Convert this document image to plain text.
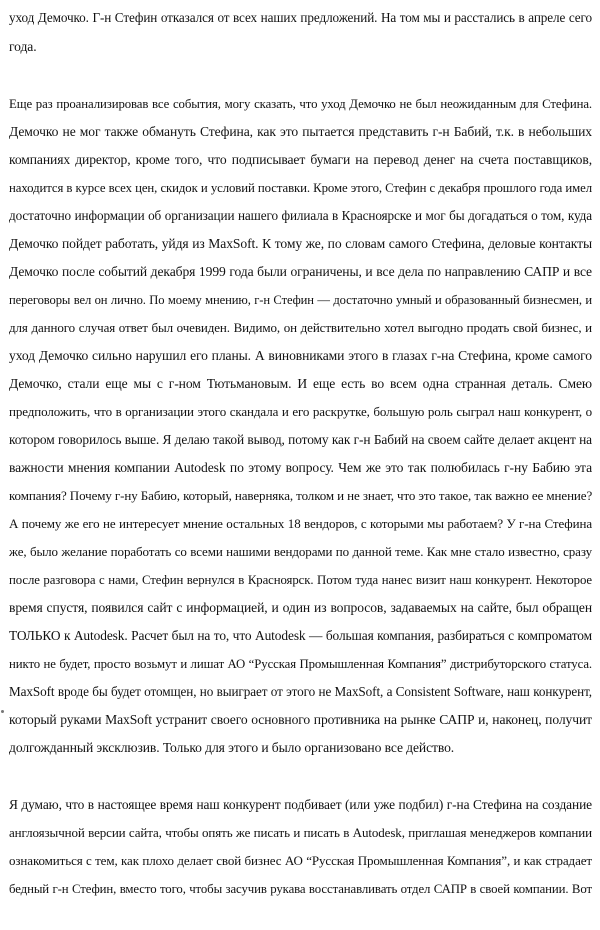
уход Демочко. Г-н Стефин отказался от всех наших предложений. На том мы и расстались в апреле сего
года.
Еще раз проанализировав все события, могу сказать, что уход Демочко не был неожиданным для Стефина.
Демочко не мог также обмануть Стефина, как это пытается представить г-н Бабий, т.к. в небольших
компаниях директор, кроме того, что подписывает бумаги на перевод денег на счета поставщиков,
находится в курсе всех цен, скидок и условий поставки. Кроме этого, Стефин с декабря прошлого года имел
достаточно информации об организации нашего филиала в Красноярске и мог бы догадаться о том, куда
Демочко пойдет работать, уйдя из MaxSoft. К тому же, по словам самого Стефина, деловые контакты
Демочко после событий декабря 1999 года были ограничены, и все дела по направлению САПР и все
переговоры вел он лично. По моему мнению, г-н Стефин — достаточно умный и образованный бизнесмен, и
для данного случая ответ был очевиден. Видимо, он действительно хотел выгодно продать свой бизнес, и
уход Демочко сильно нарушил его планы. А виновниками этого в глазах г-на Стефина, кроме самого
Демочко, стали еще мы с г-ном Тютьмановым. И еще есть во всем одна странная деталь. Смею
предположить, что в организации этого скандала и его раскрутке, большую роль сыграл наш конкурент, о
котором говорилось выше. Я делаю такой вывод, потому как г-н Бабий на своем сайте делает акцент на
важности мнения компании Autodesk по этому вопросу. Чем же это так полюбилась г-ну Бабию эта
компания? Почему г-ну Бабию, который, наверняка, толком и не знает, что это такое, так важно ее мнение?
А почему же его не интересует мнение остальных 18 вендоров, с которыми мы работаем? У г-на Стефина
же, было желание поработать со всеми нашими вендорами по данной теме. Как мне стало известно, сразу
после разговора с нами, Стефин вернулся в Красноярск. Потом туда нанес визит наш конкурент. Некоторое
время спустя, появился сайт с информацией, и один из вопросов, задаваемых на сайте, был обращен
ТОЛЬКО к Autodesk. Расчет был на то, что Autodesk — большая компания, разбираться с компроматом
никто не будет, просто возьмут и лишат АО “Русская Промышленная Компания” дистрибуторского статуса.
MaxSoft вроде бы будет отомщен, но выиграет от этого не MaxSoft, а Consistent Software, наш конкурент,
который руками MaxSoft устранит своего основного противника на рынке САПР и, наконец, получит
долгожданный эксклюзив. Только для этого и было организовано все действо.
Я думаю, что в настоящее время наш конкурент подбивает (или уже подбил) г-на Стефина на создание
англоязычной версии сайта, чтобы опять же писать и писать в Autodesk, приглашая менеджеров компании
ознакомиться с тем, как плохо делает свой бизнес АО “Русская Промышленная Компания”, и как страдает
бедный г-н Стефин, вместо того, чтобы засучив рукава восстанавливать отдел САПР в своей компании. Вот
